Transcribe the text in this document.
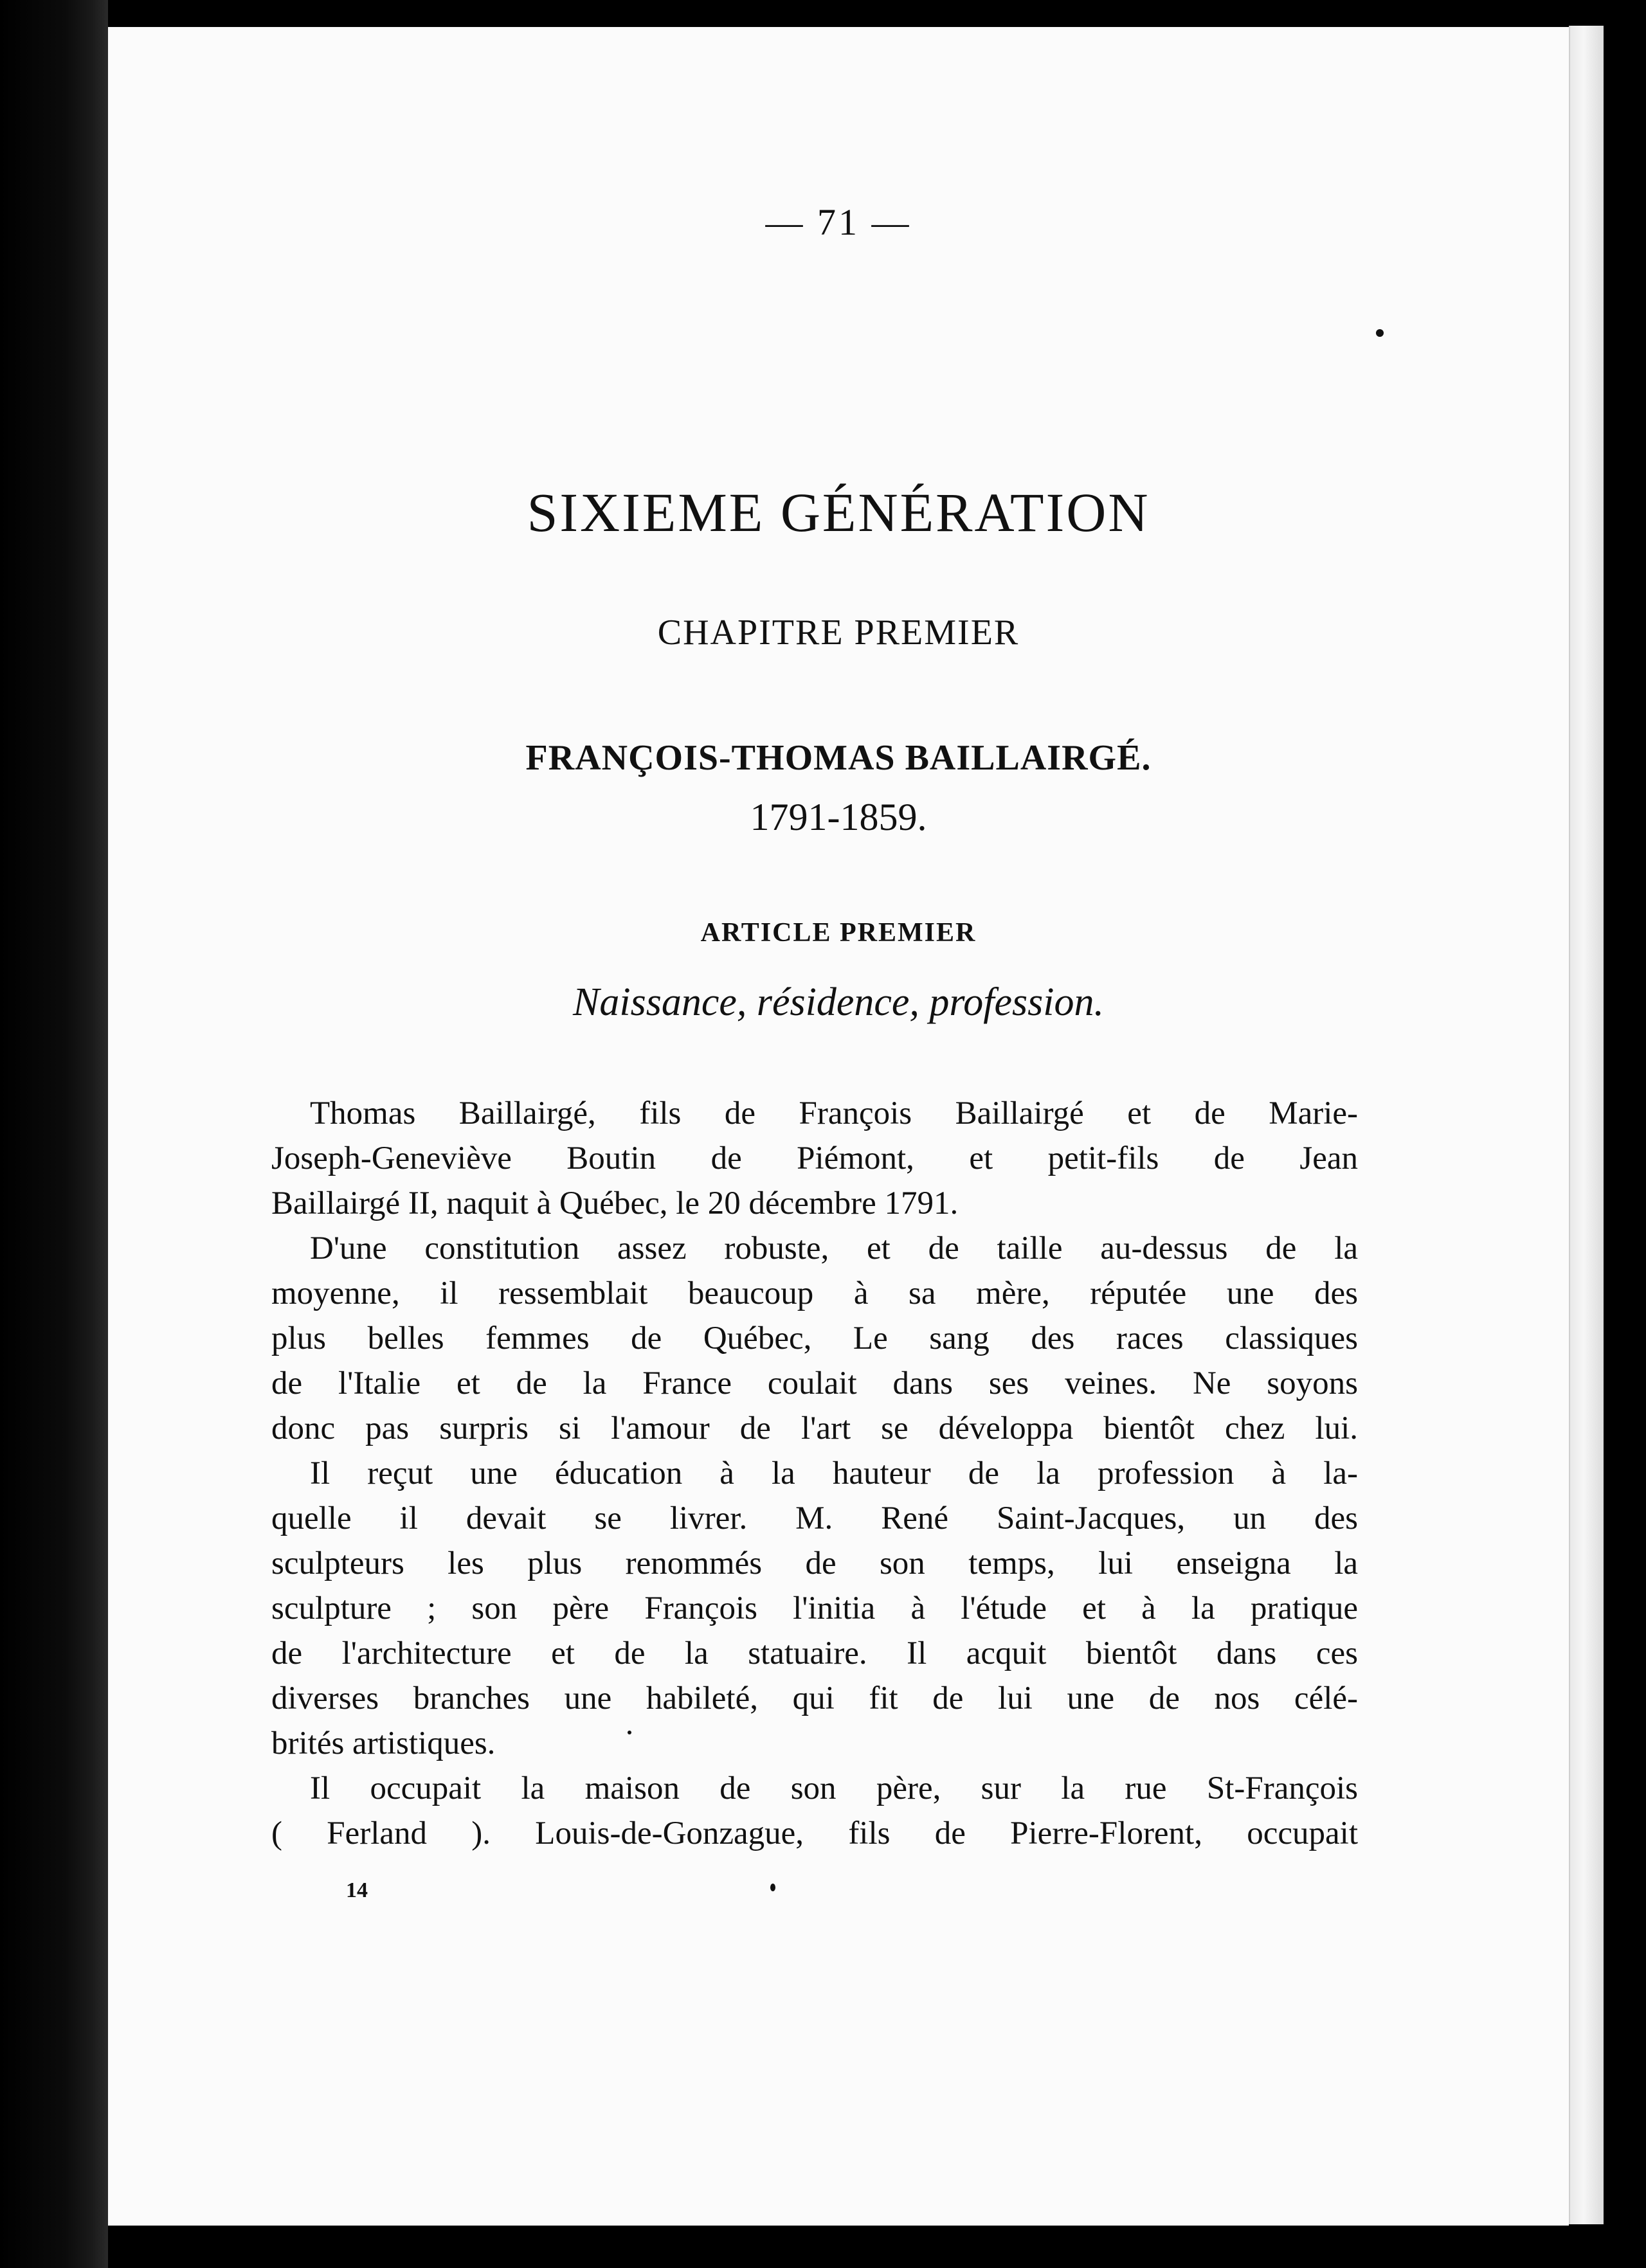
— 71 —
SIXIEME GÉNÉRATION
CHAPITRE PREMIER
FRANÇOIS-THOMAS BAILLAIRGÉ.
1791-1859.
ARTICLE PREMIER
Naissance, résidence, profession.
Thomas Baillairgé, fils de François Baillairgé et de Marie-
Joseph-Geneviève Boutin de Piémont, et petit-fils de Jean
Baillairgé II, naquit à Québec, le 20 décembre 1791.
D'une constitution assez robuste, et de taille au-dessus de la
moyenne, il ressemblait beaucoup à sa mère, réputée une des
plus belles femmes de Québec, Le sang des races classiques
de l'Italie et de la France coulait dans ses veines. Ne soyons
donc pas surpris si l'amour de l'art se développa bientôt chez lui.
Il reçut une éducation à la hauteur de la profession à la-
quelle il devait se livrer. M. René Saint-Jacques, un des
sculpteurs les plus renommés de son temps, lui enseigna la
sculpture ; son père François l'initia à l'étude et à la pratique
de l'architecture et de la statuaire. Il acquit bientôt dans ces
diverses branches une habileté, qui fit de lui une de nos célé-
brités artistiques.
Il occupait la maison de son père, sur la rue St-François
( Ferland ). Louis-de-Gonzague, fils de Pierre-Florent, occupait
14
